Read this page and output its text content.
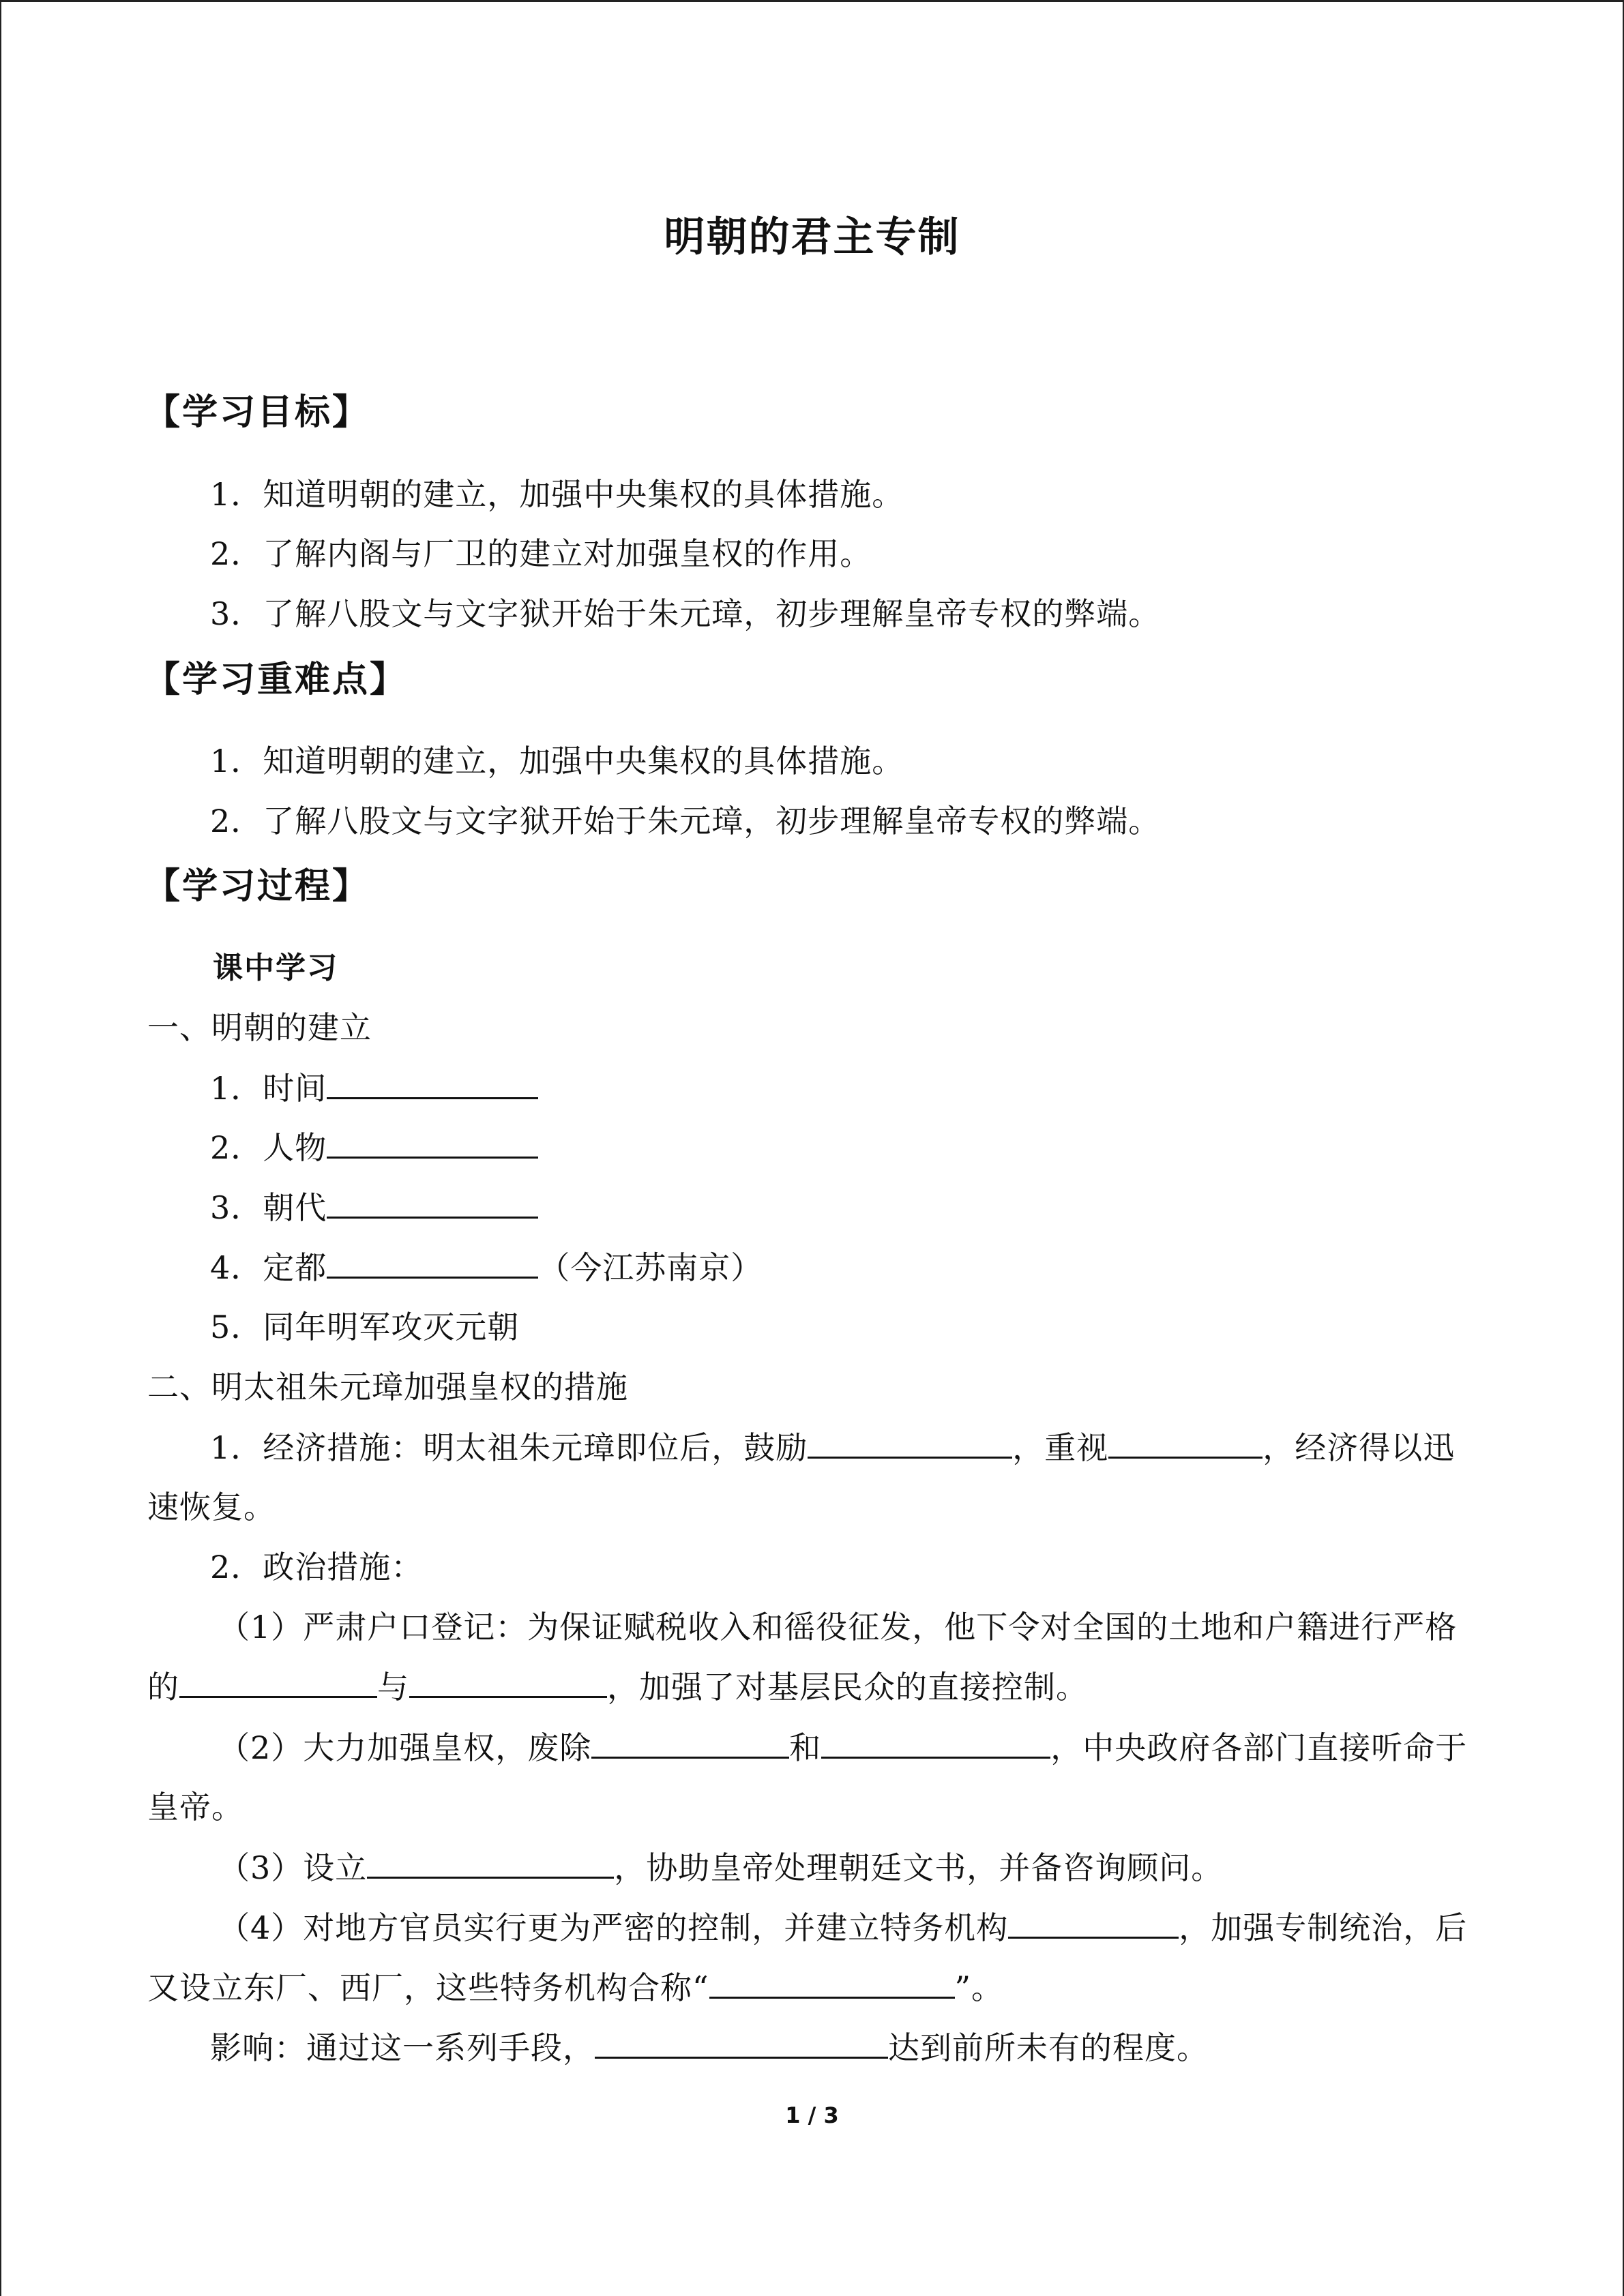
明朝的君主专制
【学习目标】
1．知道明朝的建立，加强中央集权的具体措施。
2．了解内阁与厂卫的建立对加强皇权的作用。
3．了解八股文与文字狱开始于朱元璋，初步理解皇帝专权的弊端。
【学习重难点】
1．知道明朝的建立，加强中央集权的具体措施。
2．了解八股文与文字狱开始于朱元璋，初步理解皇帝专权的弊端。
【学习过程】
课中学习
一、明朝的建立
1．时间
2．人物
3．朝代
4．定都	（今江苏南京）
5．同年明军攻灭元朝
二、明太祖朱元璋加强皇权的措施
1．经济措施：明太祖朱元璋即位后，鼓励	，重视	，经济得以迅
速恢复。
2．政治措施：
（1）严肃户口登记：为保证赋税收入和徭役征发，他下令对全国的土地和户籍进行严格
的	与	，加强了对基层民众的直接控制。
（2）大力加强皇权，废除	和	，中央政府各部门直接听命于
皇帝。
（3）设立	，协助皇帝处理朝廷文书，并备咨询顾问。
（4）对地方官员实行更为严密的控制，并建立特务机构	，加强专制统治，后
又设立东厂、西厂，这些特务机构合称“	”。
影响：通过这一系列手段，	达到前所未有的程度。
1 / 3
